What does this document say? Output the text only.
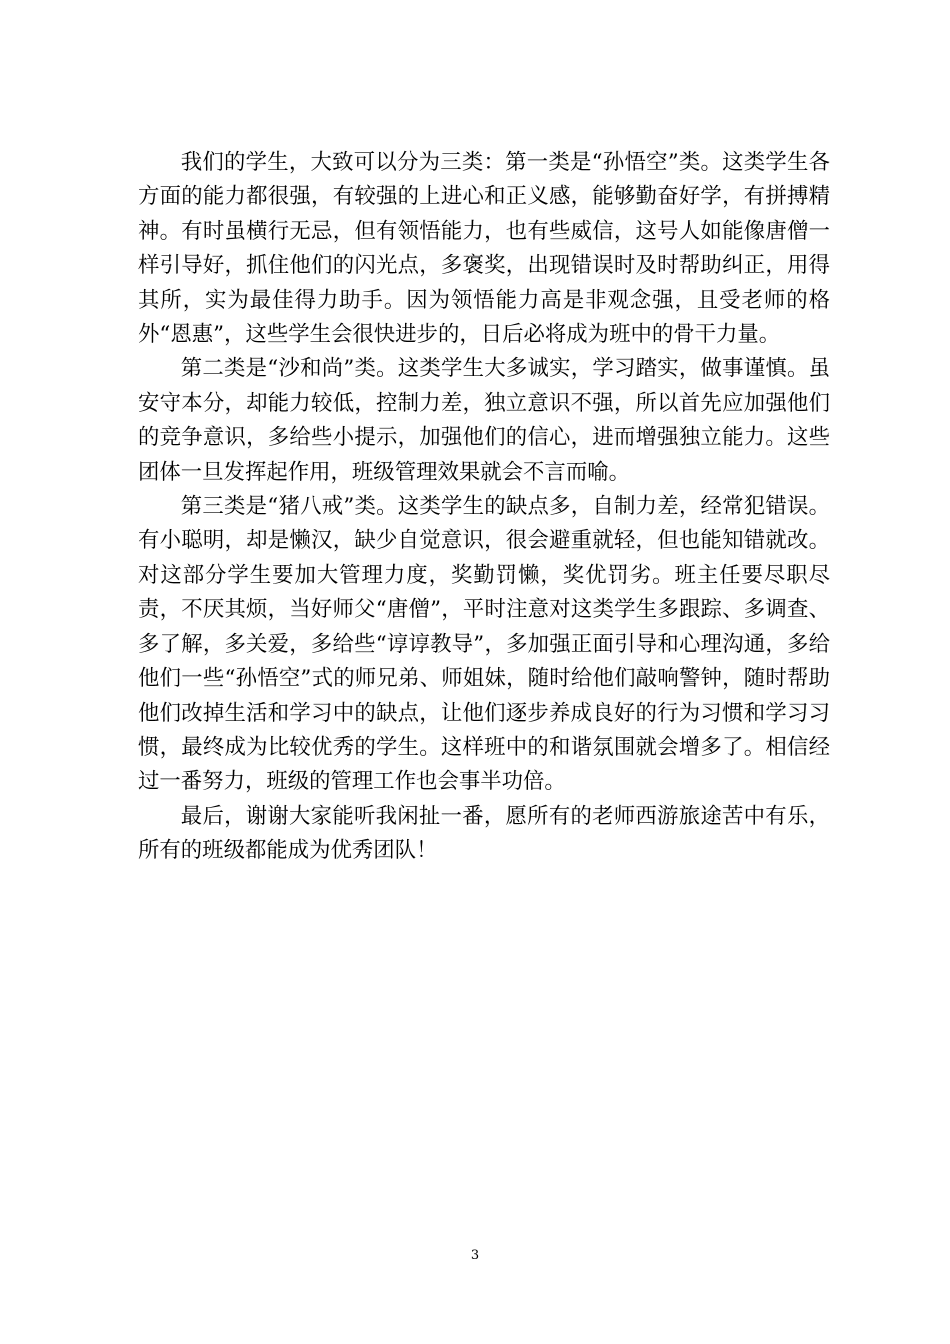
我们的学生，大致可以分为三类：第一类是“孙悟空”类。这类学生各方面的能力都很强，有较强的上进心和正义感，能够勤奋好学，有拼搏精神。有时虽横行无忌，但有领悟能力，也有些威信，这号人如能像唐僧一样引导好，抓住他们的闪光点，多褒奖，出现错误时及时帮助纠正，用得其所，实为最佳得力助手。因为领悟能力高是非观念强，且受老师的格外“恩惠”，这些学生会很快进步的，日后必将成为班中的骨干力量。

第二类是“沙和尚”类。这类学生大多诚实，学习踏实，做事谨慎。虽安守本分，却能力较低，控制力差，独立意识不强，所以首先应加强他们的竞争意识，多给些小提示，加强他们的信心，进而增强独立能力。这些团体一旦发挥起作用，班级管理效果就会不言而喻。

第三类是“猪八戒”类。这类学生的缺点多，自制力差，经常犯错误。有小聪明，却是懒汉，缺少自觉意识，很会避重就轻，但也能知错就改。对这部分学生要加大管理力度，奖勤罚懒，奖优罚劣。班主任要尽职尽责，不厌其烦，当好师父“唐僧”，平时注意对这类学生多跟踪、多调查、多了解，多关爱，多给些“谆谆教导”，多加强正面引导和心理沟通，多给他们一些“孙悟空”式的师兄弟、师姐妹，随时给他们敲响警钟，随时帮助他们改掉生活和学习中的缺点，让他们逐步养成良好的行为习惯和学习习惯，最终成为比较优秀的学生。这样班中的和谐氛围就会增多了。相信经过一番努力，班级的管理工作也会事半功倍。

最后，谢谢大家能听我闲扯一番，愿所有的老师西游旅途苦中有乐，所有的班级都能成为优秀团队！

3
